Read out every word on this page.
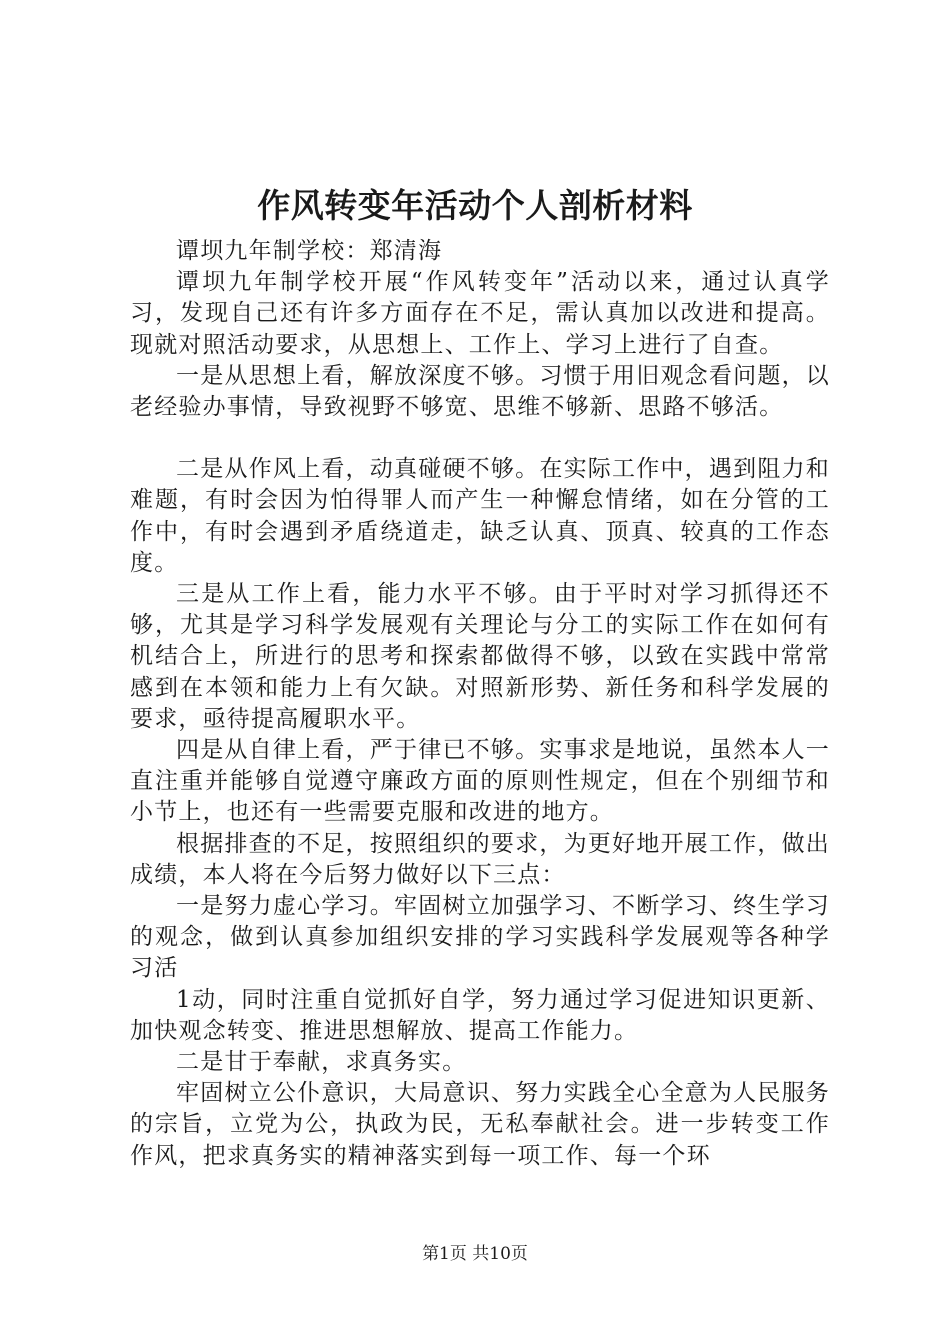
作风转变年活动个人剖析材料

谭坝九年制学校：郑清海

谭坝九年制学校开展“作风转变年”活动以来，通过认真学习，发现自己还有许多方面存在不足，需认真加以改进和提高。现就对照活动要求，从思想上、工作上、学习上进行了自查。

一是从思想上看，解放深度不够。习惯于用旧观念看问题，以老经验办事情，导致视野不够宽、思维不够新、思路不够活。

二是从作风上看，动真碰硬不够。在实际工作中，遇到阻力和难题，有时会因为怕得罪人而产生一种懈怠情绪，如在分管的工作中，有时会遇到矛盾绕道走，缺乏认真、顶真、较真的工作态度。

三是从工作上看，能力水平不够。由于平时对学习抓得还不够，尤其是学习科学发展观有关理论与分工的实际工作在如何有机结合上，所进行的思考和探索都做得不够，以致在实践中常常感到在本领和能力上有欠缺。对照新形势、新任务和科学发展的要求，亟待提高履职水平。

四是从自律上看，严于律已不够。实事求是地说，虽然本人一直注重并能够自觉遵守廉政方面的原则性规定，但在个别细节和小节上，也还有一些需要克服和改进的地方。

根据排查的不足，按照组织的要求，为更好地开展工作，做出成绩，本人将在今后努力做好以下三点：

一是努力虚心学习。牢固树立加强学习、不断学习、终生学习的观念，做到认真参加组织安排的学习实践科学发展观等各种学习活

1动，同时注重自觉抓好自学，努力通过学习促进知识更新、加快观念转变、推进思想解放、提高工作能力。

二是甘于奉献，求真务实。

牢固树立公仆意识，大局意识、努力实践全心全意为人民服务的宗旨，立党为公，执政为民，无私奉献社会。进一步转变工作作风，把求真务实的精神落实到每一项工作、每一个环

第1页 共10页
